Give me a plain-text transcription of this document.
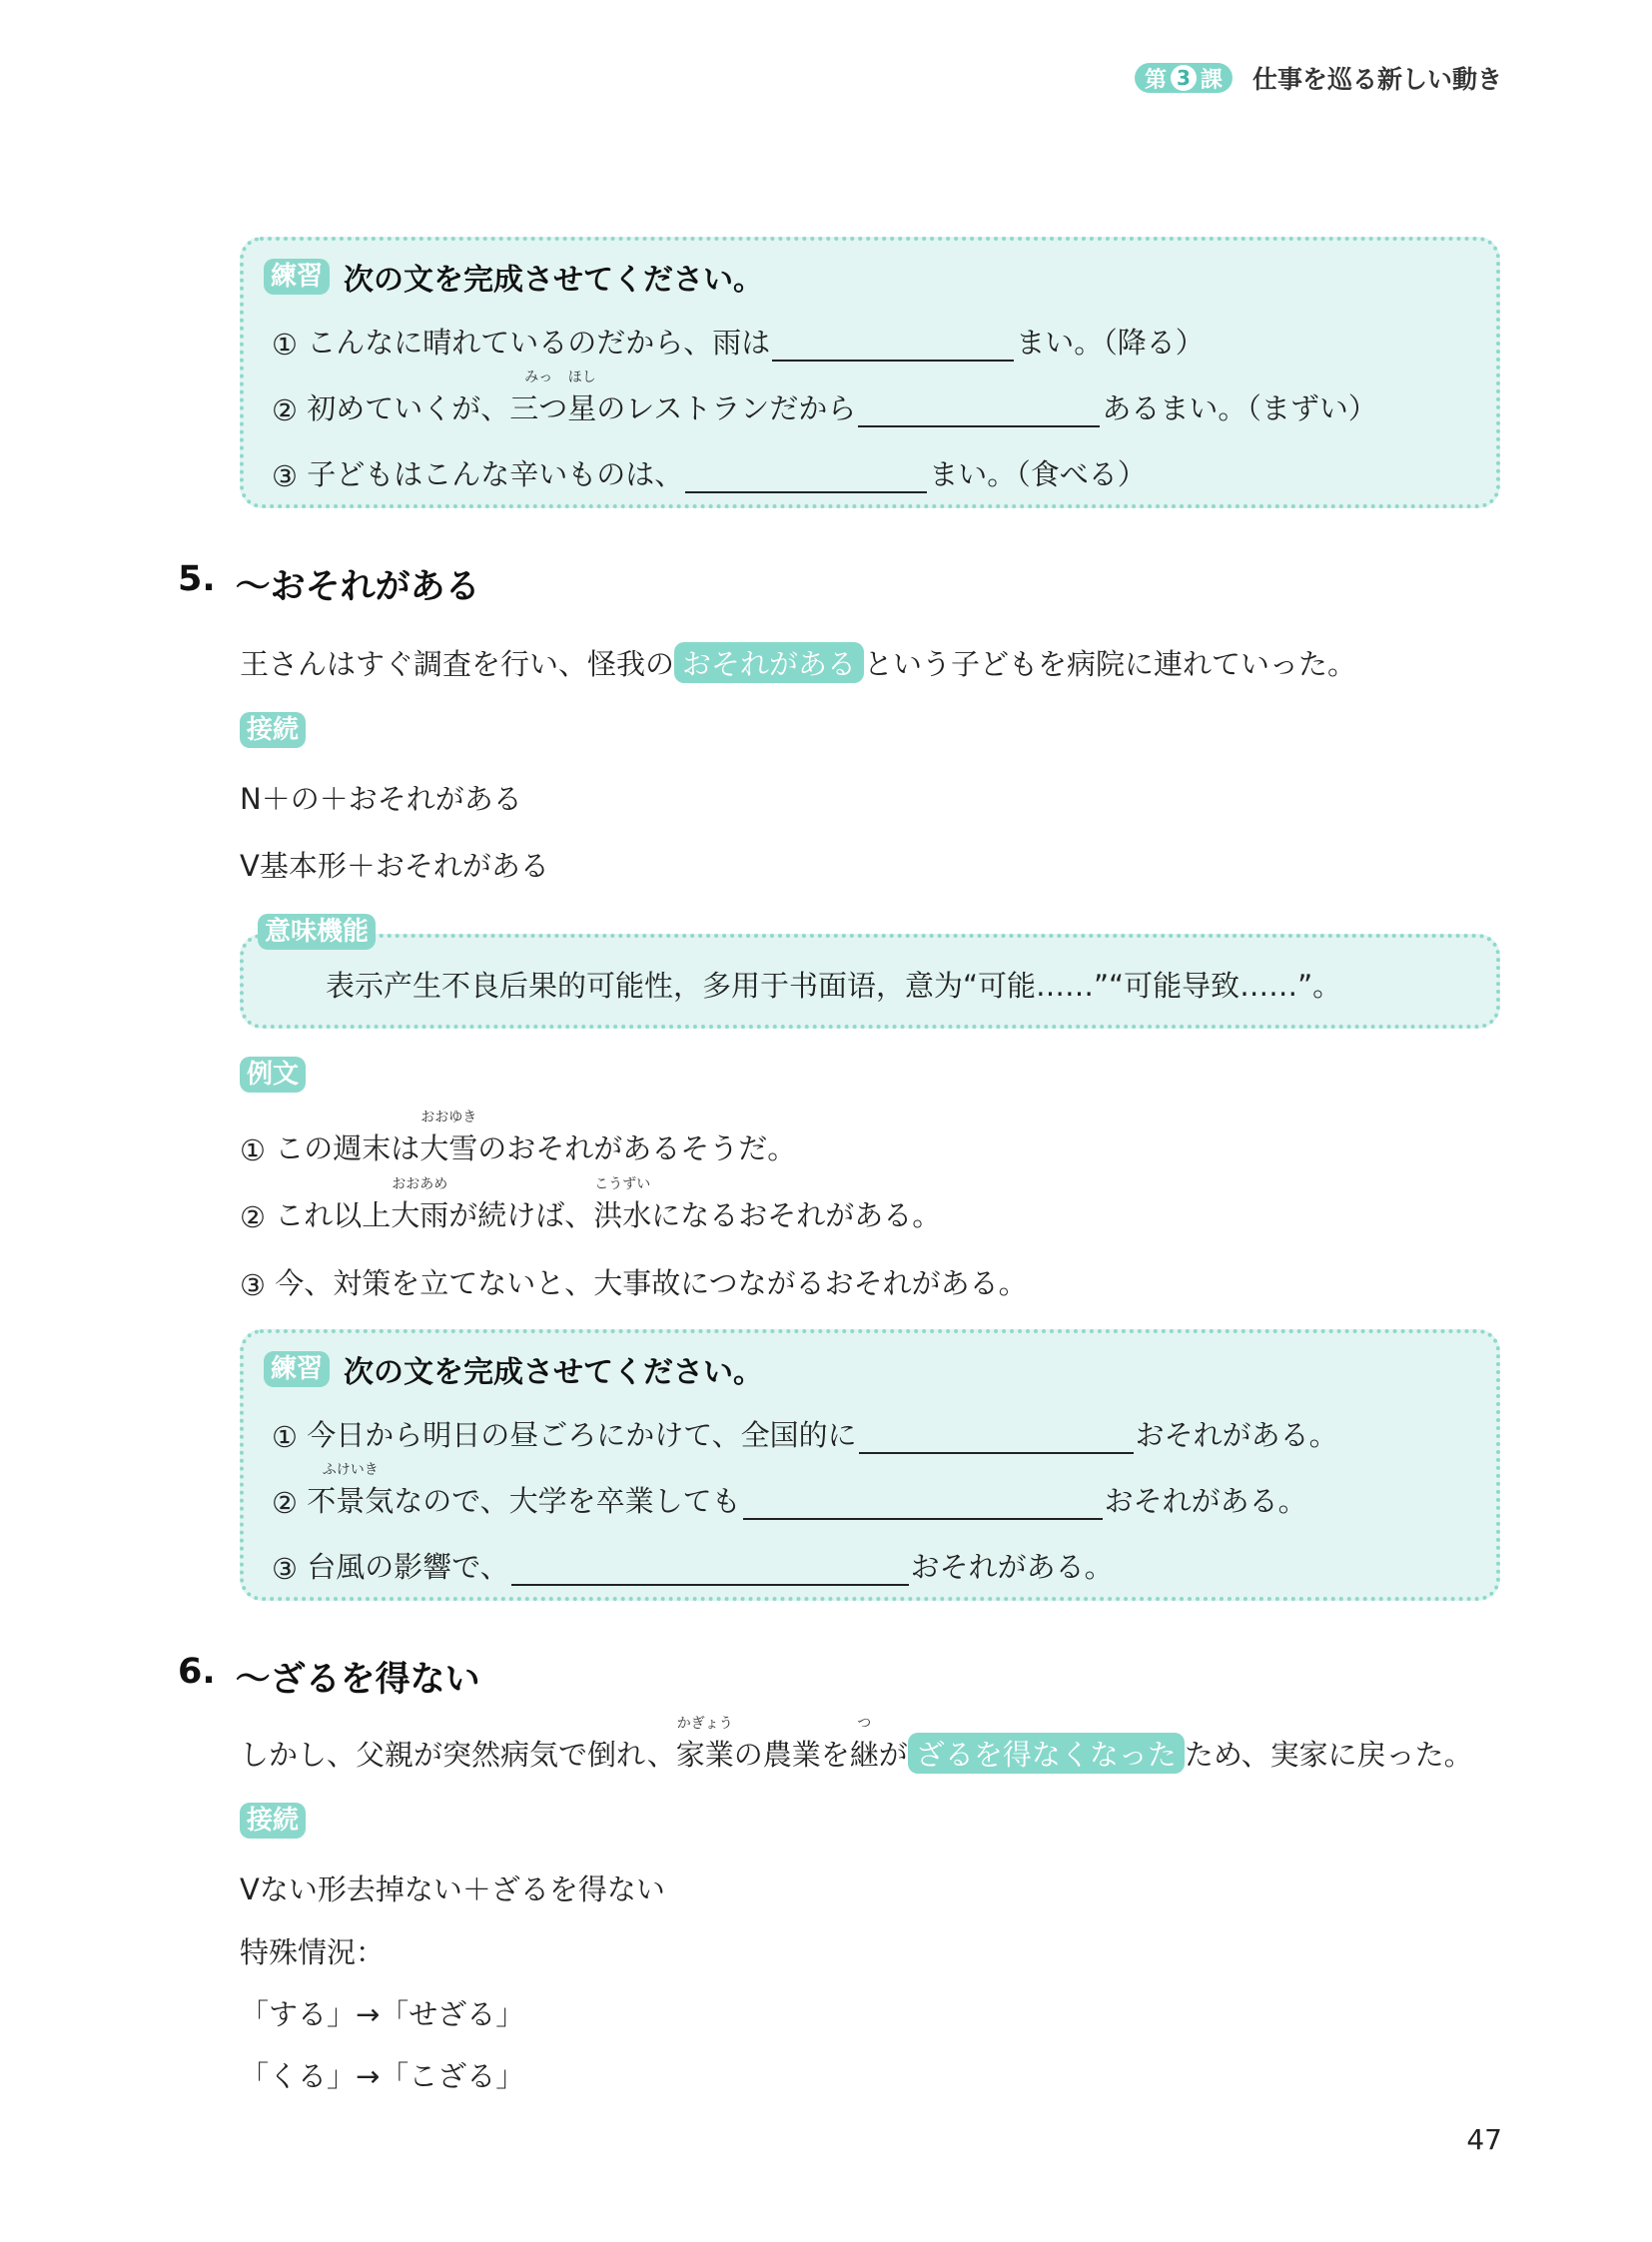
第 3 課 仕事を巡る新しい動き
練習 次の文を完成させてください。
①
こんなに晴れているのだから、雨は	まい。（降る）
②
初めていくが、
みっ
三つ
ほし
星 のレストランだから	あるまい。（まずい）
③
子どもはこんな辛いものは、	まい。（食べる）
5. ～おそれがある
王さんはすぐ調査を行い、怪我の おそれがある という子どもを病院に連れていった。
接続
N＋の＋おそれがある
V基本形＋おそれがある
表示产生不良后果的可能性，多用于书面语，意为“可能……”“可能导致……”。
意味機能
例文
①
この週末は
おおゆき
大雪 のおそれがあるそうだ。
②
これ以上
おおあめ
大雨 が続けば、
こうずい
洪水 になるおそれがある。
③
今、対策を立てないと、大事故につながるおそれがある。
練習 次の文を完成させてください。
①
今日から明日の昼ごろにかけて、全国的に	おそれがある。
②

ふけいき
不景気 なので、大学を卒業しても	おそれがある。
③
台風の影響で、	おそれがある。
6. ～ざるを得ない
しかし、父親が突然病気で倒れ、
かぎょう
家業 の農業を
つ
継 が ざるを得なくなった ため、実家に戻った。
接続
Vない形去掉ない＋ざるを得ない
特殊情況：
「する」→「せざる」
「くる」→「こざる」
47
